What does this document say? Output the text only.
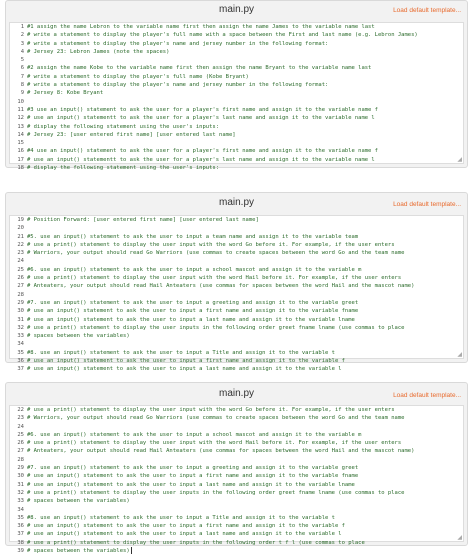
main.py	Load default template...
1 #1 assign the name Lebron to the variable name first then assign the name James to the variable name last
2 # write a statement to display the player's full name with a space between the First and last name (e.g. Lebron James)
3 # write a statement to display the player's name and jersey number in the following format:
4 # Jersey 23: Lebron James (note the spaces)
5
6 #2 assign the name Kobe to the variable name first then assign the name Bryant to the variable name last
7 # write a statement to display the player's full name (Kobe Bryant)
8 # write a statement to display the player's name and jersey number in the following format:
9 # Jersey 8: Kobe Bryant
10
11 #3 use an input() statement to ask the user for a player's first name and assign it to the variable name f
12 # use an input() statementt to ask the user for a player's last name and assign it to the variable name l
13 # display the following statement using the user's inputs:
14 # Jersey 23: [user entered first name] [user entered last name]
15
16 #4 use an input() statement to ask the user for a player's first name and assign it to the variable name f
17 # use an input() statementt to ask the user for a player's last name and assign it to the variable name l
18 # display the following statement using the user's inputs:
◢
main.py	Load default template...
19 # Position Forward: [user entered first name] [user entered last name]
20
21 #5. use an input() statement to ask the user to input a team name and assign it to the variable team
22 # use a print() statement to display the user input with the word Go before it. For example, if the user enters
23 # Warriors, your output should read Go Warriors (use commas to create spaces between the word Go and the team name
24
25 #6. use an input() statement to ask the user to input a school mascot and assign it to the variable m
26 # use a print() statement to display the user input with the word Hail before it. For example, if the user enters
27 # Anteaters, your output should read Hail Anteaters (use commas for spaces between the word Hail and the mascot name)
28
29 #7. use an input() statement to ask the user to input a greeting and assign it to the variable greet
30 # use an input() statement to ask the user to input a first name and assign it to the variable fname
31 # use an input() statement to ask the user to input a last name and assign it to the variable lname
32 # use a print() statement to display the user inputs in the following order greet fname lname (use commas to place
33 # spaces between the variables)
34
35 #8. use an input() statement to ask the user to input a Title and assign it to the variable t
36 # use an input() statement to ask the user to input a first name and assign it to the variable f
37 # use an input() statement to ask the user to input a last name and assign it to the variable l
◢
main.py	Load default template...
22 # use a print() statement to display the user input with the word Go before it. For example, if the user enters
23 # Warriors, your output should read Go Warriors (use commas to create spaces between the word Go and the team name
24
25 #6. use an input() statement to ask the user to input a school mascot and assign it to the variable m
26 # use a print() statement to display the user input with the word Hail before it. For example, if the user enters
27 # Anteaters, your output should read Hail Anteaters (use commas for spaces between the word Hail and the mascot name)
28
29 #7. use an input() statement to ask the user to input a greeting and assign it to the variable greet
30 # use an input() statement to ask the user to input a first name and assign it to the variable fname
31 # use an input() statement to ask the user to input a last name and assign it to the variable lname
32 # use a print() statement to display the user inputs in the following order greet fname lname (use commas to place
33 # spaces between the variables)
34
35 #8. use an input() statement to ask the user to input a Title and assign it to the variable t
36 # use an input() statement to ask the user to input a first name and assign it to the variable f
37 # use an input() statement to ask the user to input a last name and assign it to the variable l
38 # use a print() statement to display the user inputs in the following order t f l (use commas to place
39 # spaces between the variables)
◢
